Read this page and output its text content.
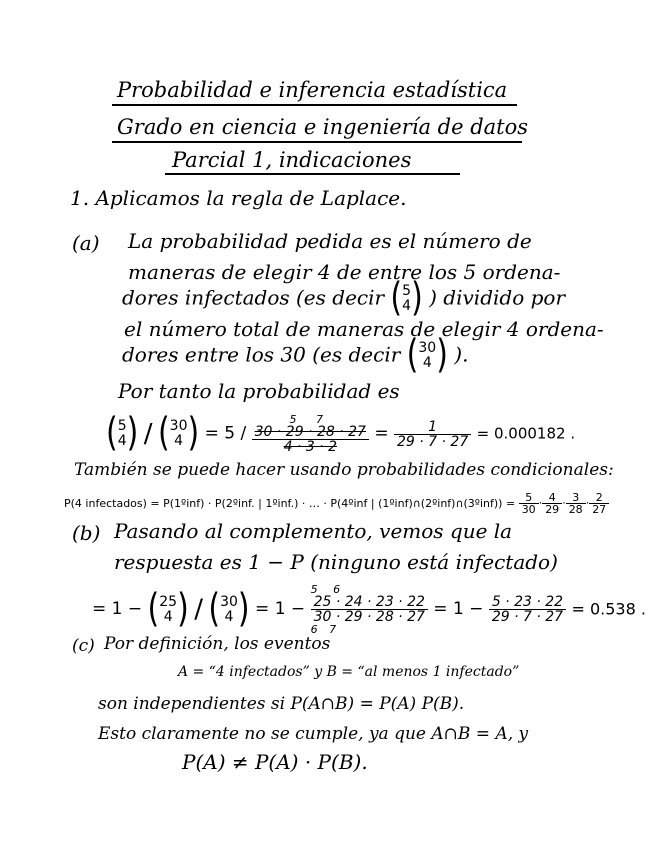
Probabilidad e inferencia estadística
Grado en ciencia e ingeniería de datos
Parcial 1, indicaciones
1. Aplicamos la regla de Laplace.
(a) La probabilidad pedida es el número de
maneras de elegir 4 de entre los 5 ordena-
dores infectados (es decir (5
4) ) dividido por
el número total de maneras de elegir 4 ordena-
dores entre los 30 (es decir (30
4 ) ).
Por tanto la probabilidad es
(5
4) / (30
4 ) = 5 /
5 7
30 · 29 · 28 · 27
4 · 3 · 2
= $\frac{1}{29 \cdot 7 \cdot 27} = 0.000182$ .
También se puede hacer usando probabilidades condicionales:
P(4 infectados) = P(1ºinf) · P(2ºinf. | 1ºinf.) · … · P(4ºinf | (1ºinf)∩(2ºinf)∩(3ºinf)) = $\frac{5}{30} \cdot \frac{4}{29} \cdot \frac{3}{28} \cdot \frac{2}{27}$
(b) Pasando al complemento, vemos que la
respuesta es 1 − P (ninguno está infectado)
= 1 − (25
4 ) / (30
4 ) = 1 −
5 6
25 · 24 · 23 · 22
30 · 29 · 28 · 27
6 7
= $1 - \frac{5 \cdot 23 \cdot 22}{29 \cdot 7 \cdot 27} = 0.538$ .
(c) Por definición, los eventos
A = “4 infectados” y B = “al menos 1 infectado”
son independientes si P(A∩B) = P(A) P(B).
Esto claramente no se cumple, ya que A∩B = A, y
P(A) ≠ P(A) · P(B).
